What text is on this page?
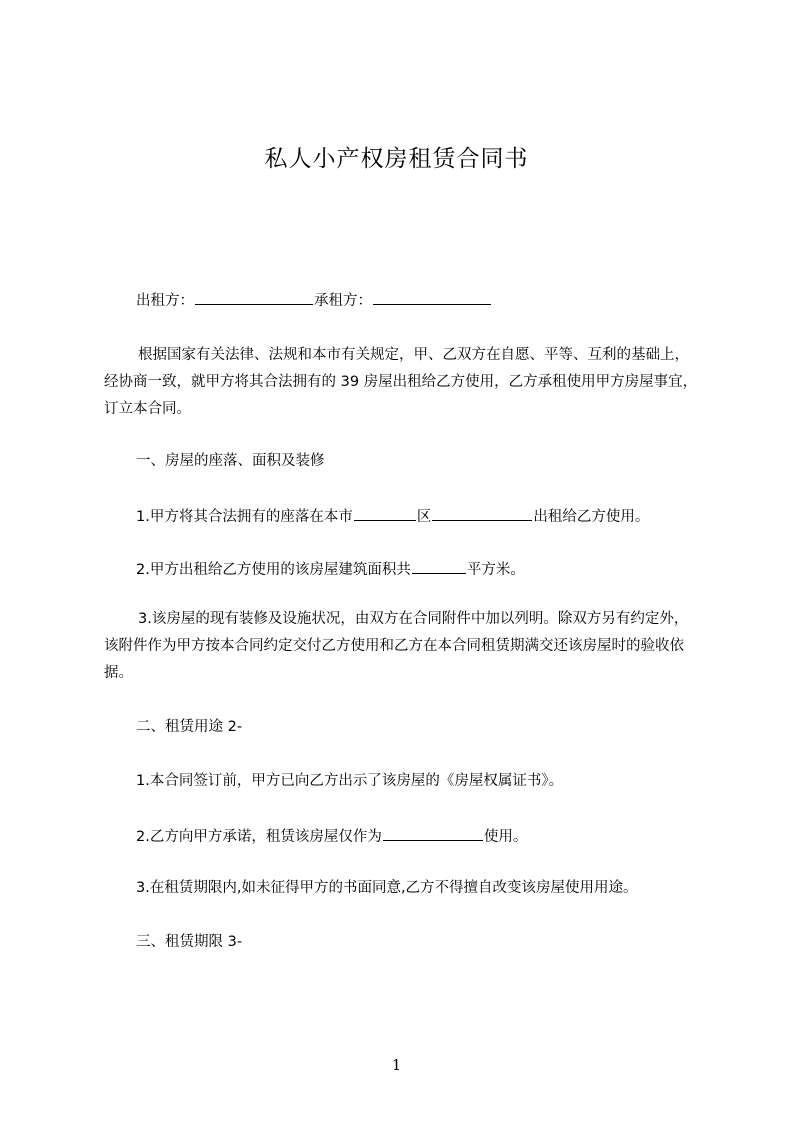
私人小产权房租赁合同书

出租方：	承租方：

根据国家有关法律、法规和本市有关规定，甲、乙双方在自愿、平等、互利的基础上，经协商一致，就甲方将其合法拥有的 39 房屋出租给乙方使用，乙方承租使用甲方房屋事宜，订立本合同。

一、房屋的座落、面积及装修

1.甲方将其合法拥有的座落在本市	区	出租给乙方使用。

2.甲方出租给乙方使用的该房屋建筑面积共	平方米。

3.该房屋的现有装修及设施状况，由双方在合同附件中加以列明。除双方另有约定外，该附件作为甲方按本合同约定交付乙方使用和乙方在本合同租赁期满交还该房屋时的验收依据。

二、租赁用途 2-

1.本合同签订前，甲方已向乙方出示了该房屋的《房屋权属证书》。

2.乙方向甲方承诺，租赁该房屋仅作为	使用。

3.在租赁期限内,如未征得甲方的书面同意,乙方不得擅自改变该房屋使用用途。

三、租赁期限 3-

1
